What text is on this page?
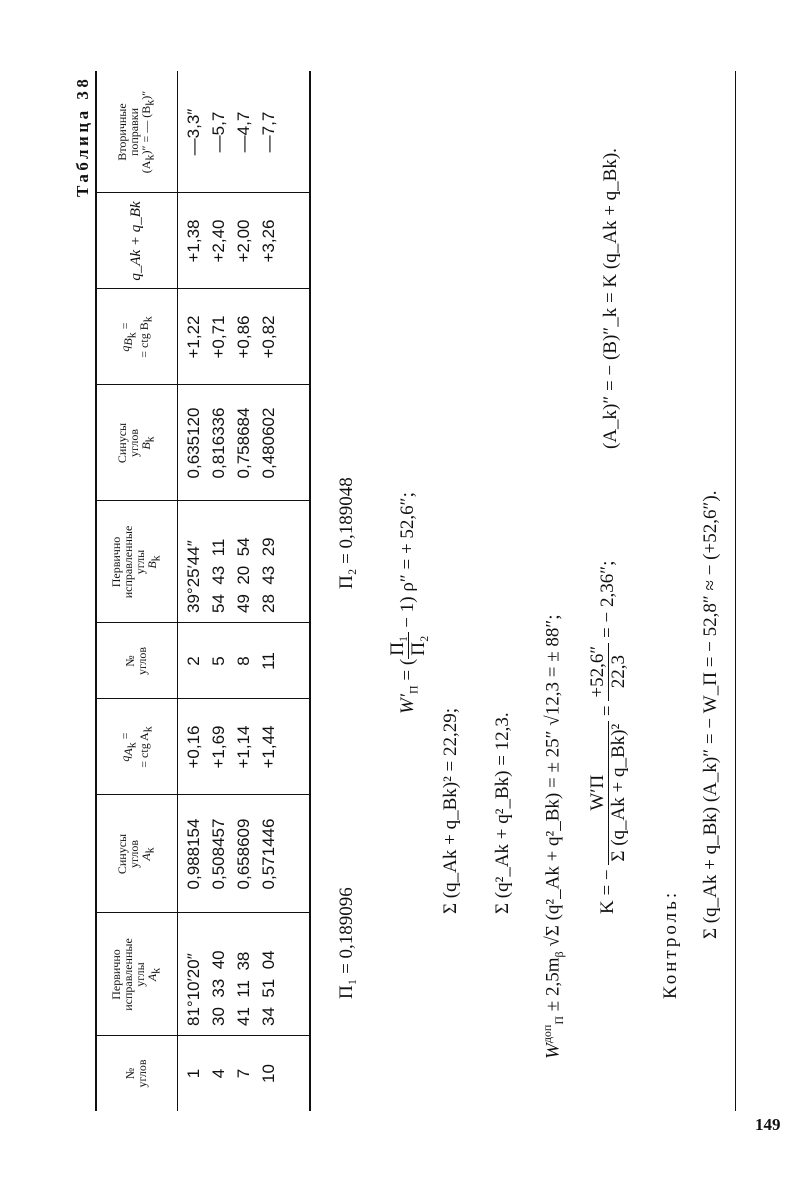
Таблица 38
№ углов
Первично
исправленные
углы
$A_k$
Синусы
углов
$A_k$
$q_{A_k}$ = = ctg $A_k$
№ углов
Первично
исправленные
углы
$B_k$
Синусы
углов
$B_k$
$q_{B_k}$ = = ctg $B_k$
q_Ak + q_Bk
Вторичные
поправки
$(A_k)''$ = — $(B_k)''$
1 4 7 10
81°10′20″ 30  33  40 41  11  38 34  51  04
0,988154 0,508457 0,658609 0,571446
+0,16 +1,69 +1,14 +1,44
2 5 8 11
39°25′44″ 54  43  11 49  20  54 28  43  29
0,635120 0,816336 0,758684 0,480602
+1,22 +0,71 +0,86 +0,82
+1,38 +2,40 +2,00 +3,26
—3,3″ —5,7 —4,7 —7,7
Π₁ = 0,189096
Π₂ = 0,189048
$W'_\Pi$ = (
Π₁ Π₂
− 1) ρ″ = + 52,6″;
Σ (q_Ak + q_Bk)² = 22,29; Σ (q²_Ak + q²_Bk) = 12,3.
$W^{доп}_\Pi \pm 2,5m_\beta$ √Σ (q²_Ak + q²_Bk) = ± 25″ √12,3 = ± 88″;	K = −
W′Π Σ (q_Ak + q_Bk)²
=
+52,6″ 22,3
= − 2,36″;
(A_k)″ = − (B)″_k = K (q_Ak + q_Bk).
Контроль:
Σ (q_Ak + q_Bk) (A_k)″ = − W_Π = − 52,8″ ≈ − (+52,6″).
149
